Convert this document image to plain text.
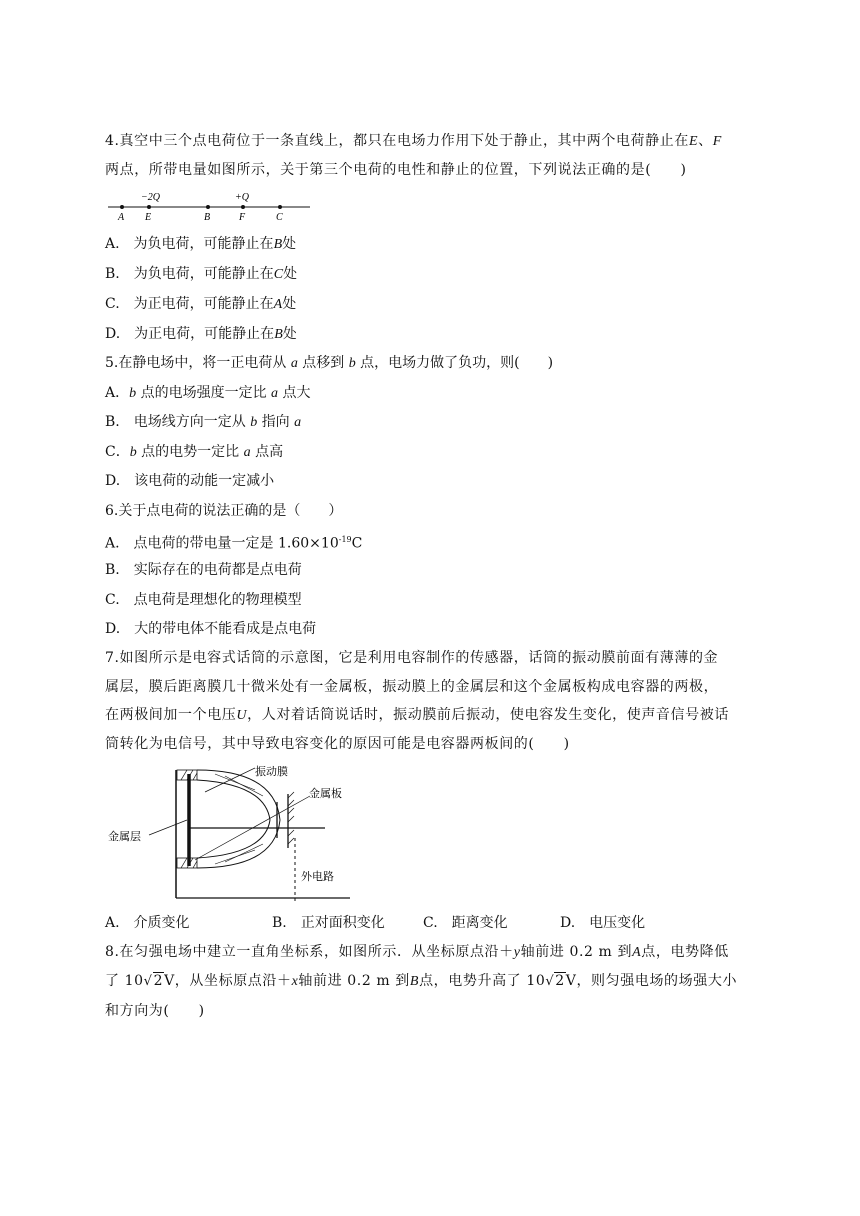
4.真空中三个点电荷位于一条直线上，都只在电场力作用下处于静止，其中两个电荷静止在E、F
两点，所带电量如图所示，关于第三个电荷的电性和静止的位置，下列说法正确的是(　　)
−2Q	+Q
A E	B	F	C
A.　为负电荷，可能静止在B处
B.　为负电荷，可能静止在C处
C.　为正电荷，可能静止在A处
D.　为正电荷，可能静止在B处
5.在静电场中，将一正电荷从 a 点移到 b 点，电场力做了负功，则(　　)
A．b 点的电场强度一定比 a 点大
B.　电场线方向一定从 b 指向 a
C．b 点的电势一定比 a 点高
D.　该电荷的动能一定减小
6.关于点电荷的说法正确的是（　　）
A.　点电荷的带电量一定是 $1.60\times 10^{-19}C$
B.　实际存在的电荷都是点电荷
C.　点电荷是理想化的物理模型
D.　大的带电体不能看成是点电荷
7.如图所示是电容式话筒的示意图，它是利用电容制作的传感器，话筒的振动膜前面有薄薄的金
属层，膜后距离膜几十微米处有一金属板，振动膜上的金属层和这个金属板构成电容器的两极，
在两极间加一个电压U，人对着话筒说话时，振动膜前后振动，使电容发生变化，使声音信号被话
筒转化为电信号，其中导致电容变化的原因可能是电容器两板间的(　　)
振动膜
金属板
金属层
外电路
A.　介质变化	B.　正对面积变化	C.　距离变化	D.　电压变化
8.在匀强电场中建立一直角坐标系，如图所示．从坐标原点沿＋y轴前进 0.2 m 到A点，电势降低
了 10√2V，从坐标原点沿＋x轴前进 0.2 m 到B点，电势升高了 10√2V，则匀强电场的场强大小
和方向为(　　)
